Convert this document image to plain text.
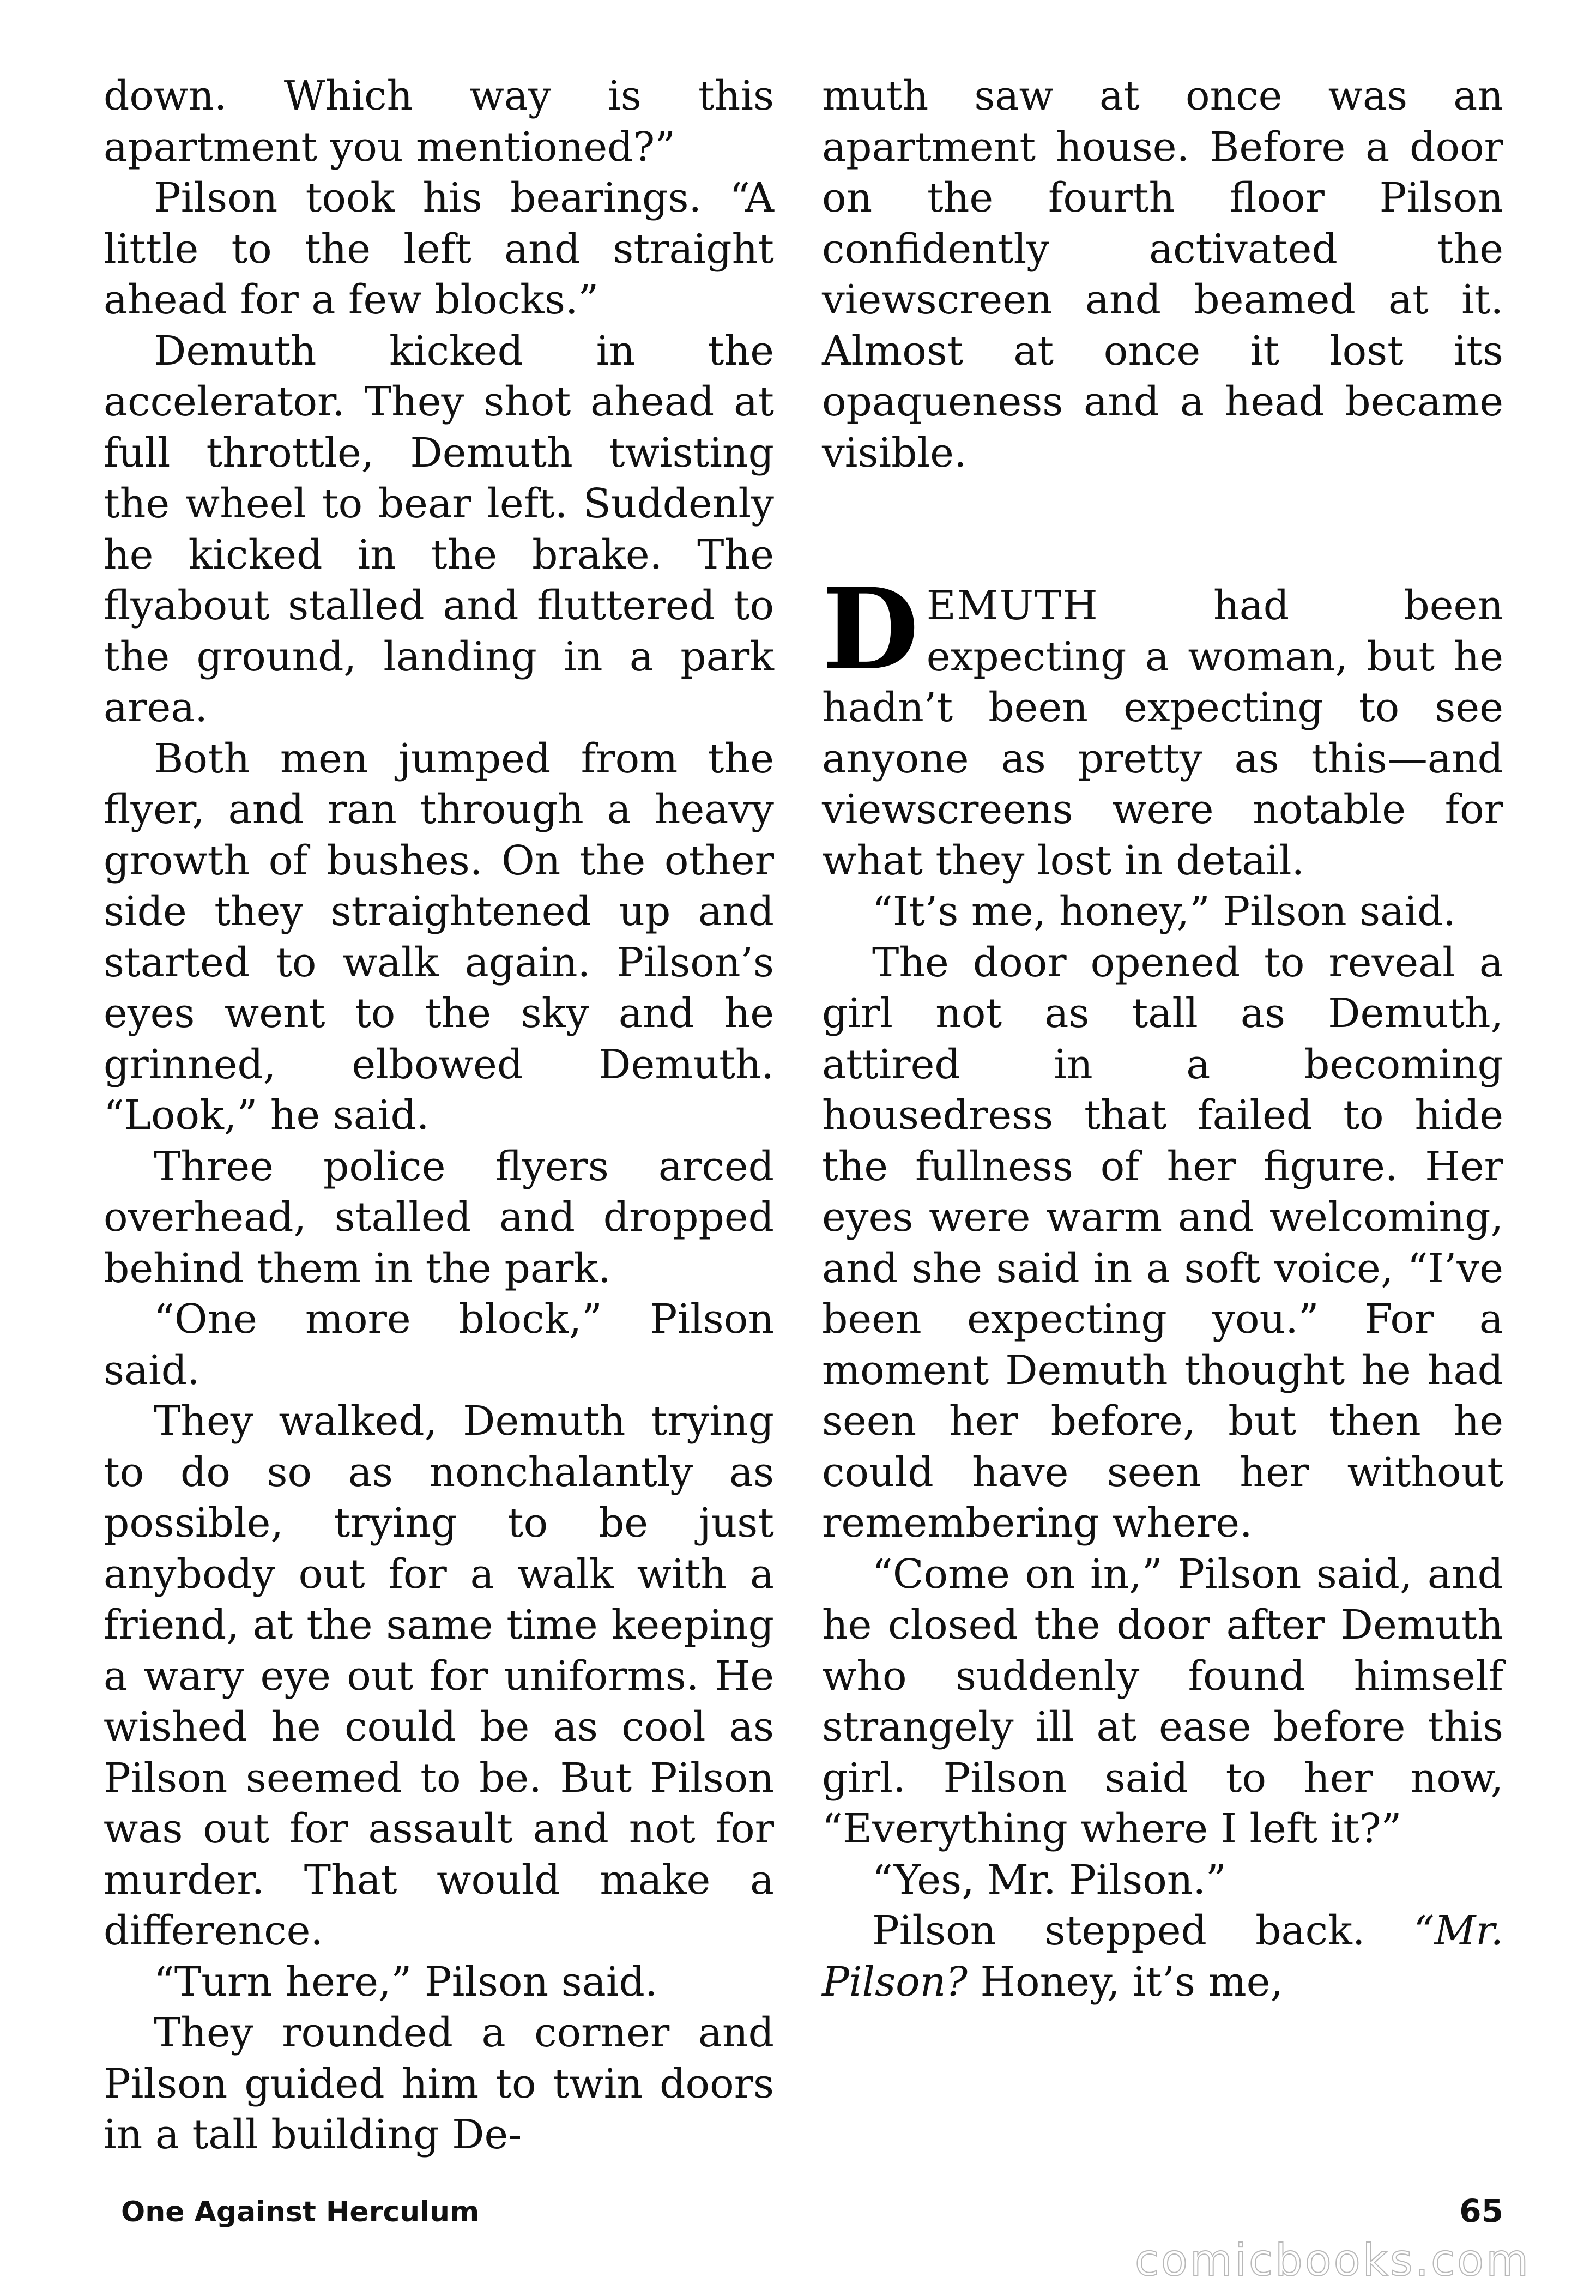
down. Which way is this apartment you mentioned?”

Pilson took his bearings. “A little to the left and straight ahead for a few blocks.”

Demuth kicked in the accelerator. They shot ahead at full throttle, Demuth twisting the wheel to bear left. Suddenly he kicked in the brake. The flyabout stalled and fluttered to the ground, landing in a park area.

Both men jumped from the flyer, and ran through a heavy growth of bushes. On the other side they straightened up and started to walk again. Pilson’s eyes went to the sky and he grinned, elbowed Demuth. “Look,” he said.

Three police flyers arced overhead, stalled and dropped behind them in the park.

“One more block,” Pilson said.

They walked, Demuth trying to do so as nonchalantly as possible, trying to be just anybody out for a walk with a friend, at the same time keeping a wary eye out for uniforms. He wished he could be as cool as Pilson seemed to be. But Pilson was out for assault and not for murder. That would make a difference.

“Turn here,” Pilson said.

They rounded a corner and Pilson guided him to twin doors in a tall building De-

muth saw at once was an apartment house. Before a door on the fourth floor Pilson confidently activated the viewscreen and beamed at it. Almost at once it lost its opaqueness and a head became visible.

DEMUTH had been expecting a woman, but he hadn’t been expecting to see anyone as pretty as this—and viewscreens were notable for what they lost in detail.

“It’s me, honey,” Pilson said.

The door opened to reveal a girl not as tall as Demuth, attired in a becoming housedress that failed to hide the fullness of her figure. Her eyes were warm and welcoming, and she said in a soft voice, “I’ve been expecting you.” For a moment Demuth thought he had seen her before, but then he could have seen her without remembering where.

“Come on in,” Pilson said, and he closed the door after Demuth who suddenly found himself strangely ill at ease before this girl. Pilson said to her now, “Everything where I left it?”

“Yes, Mr. Pilson.”

Pilson stepped back. “Mr. Pilson? Honey, it’s me,

One Against Herculum	65
comicbooks.com
